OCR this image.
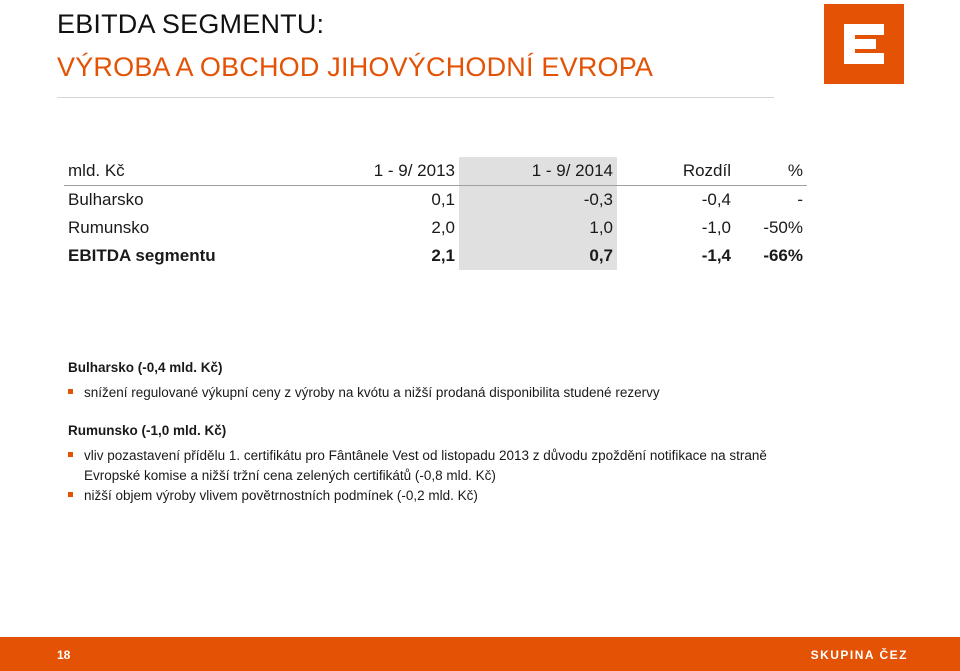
EBITDA SEGMENTU:
VÝROBA A OBCHOD JIHOVÝCHODNÍ EVROPA
mld. Kč	1 - 9/ 2013	1 - 9/ 2014	Rozdíl	%
Bulharsko	0,1	-0,3	-0,4	-
Rumunsko	2,0	1,0	-1,0	-50%
EBITDA segmentu	2,1	0,7	-1,4	-66%

Bulharsko (-0,4 mld. Kč)

snížení regulované výkupní ceny z výroby na kvótu a nižší prodaná disponibilita studené rezervy

Rumunsko (-1,0 mld. Kč)

vliv pozastavení přídělu 1. certifikátu pro Fântânele Vest od listopadu 2013 z důvodu zpoždění notifikace na straně Evropské komise a nižší tržní cena zelených certifikátů (-0,8 mld. Kč)
nižší objem výroby vlivem povětrnostních podmínek (-0,2 mld. Kč)
18	SKUPINA ČEZ
